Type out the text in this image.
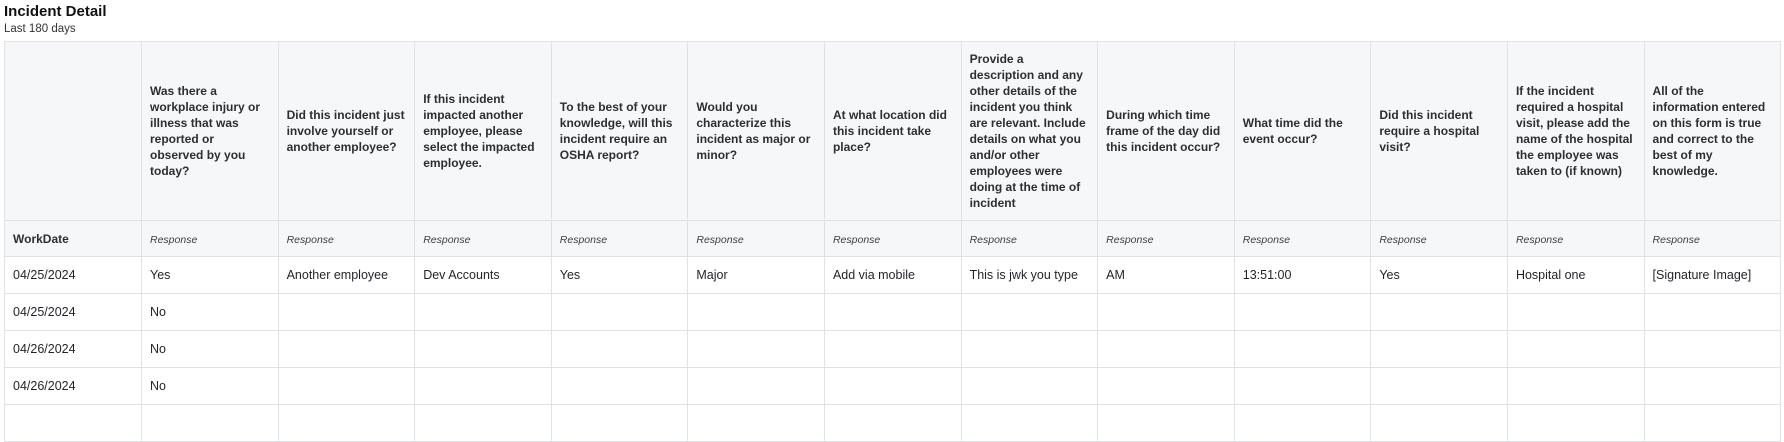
Incident Detail
Last 180 days
	Was there a workplace injury or illness that was reported or observed by you today?	Did this incident just involve yourself or another employee?	If this incident impacted another employee, please select the impacted employee.	To the best of your knowledge, will this incident require an OSHA report?	Would you characterize this incident as major or minor?	At what location did this incident take place?	Provide a description and any other details of the incident you think are relevant. Include details on what you and/or other employees were doing at the time of incident	During which time frame of the day did this incident occur?	What time did the event occur?	Did this incident require a hospital visit?	If the incident required a hospital visit, please add the name of the hospital the employee was taken to (if known)	All of the information entered on this form is true and correct to the best of my knowledge.
WorkDate	Response	Response	Response	Response	Response	Response	Response	Response	Response	Response	Response	Response
04/25/2024	Yes	Another employee	Dev Accounts	Yes	Major	Add via mobile	This is jwk you type	AM	13:51:00	Yes	Hospital one	[Signature Image]
04/25/2024	No											
04/26/2024	No											
04/26/2024	No											
